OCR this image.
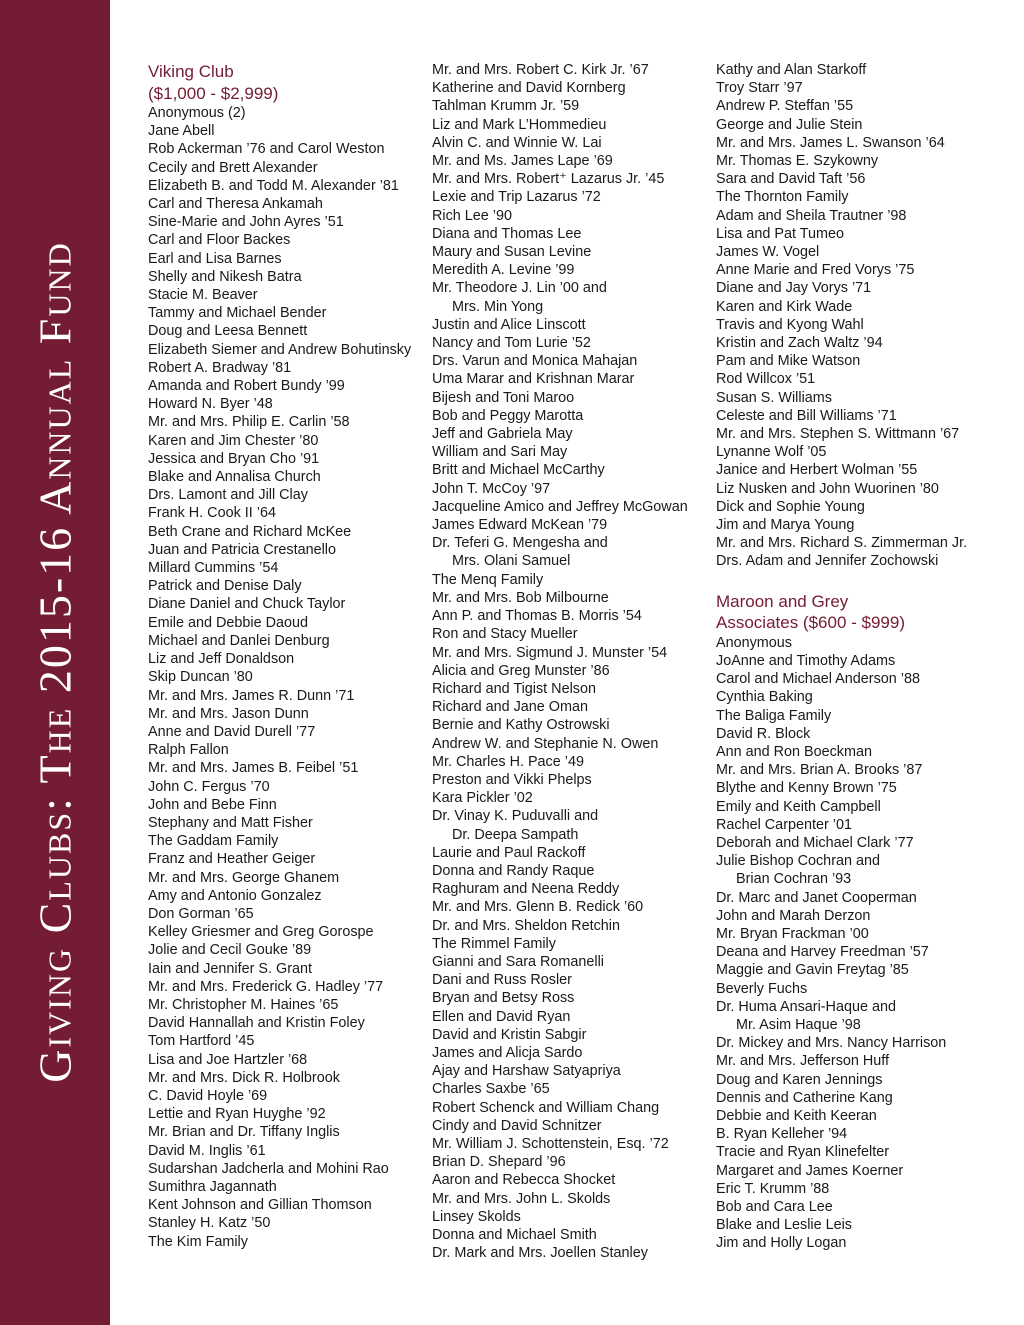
Giving Clubs: The 2015-16 Annual Fund
Viking Club
($1,000 - $2,999)
Anonymous (2)
Jane Abell
Rob Ackerman ’76 and Carol Weston
Cecily and Brett Alexander
Elizabeth B. and Todd M. Alexander ’81
Carl and Theresa Ankamah
Sine-Marie and John Ayres ’51
Carl and Floor Backes
Earl and Lisa Barnes
Shelly and Nikesh Batra
Stacie M. Beaver
Tammy and Michael Bender
Doug and Leesa Bennett
Elizabeth Siemer and Andrew Bohutinsky
Robert A. Bradway ’81
Amanda and Robert Bundy ’99
Howard N. Byer ’48
Mr. and Mrs. Philip E. Carlin ’58
Karen and Jim Chester ’80
Jessica and Bryan Cho ’91
Blake and Annalisa Church
Drs. Lamont and Jill Clay
Frank H. Cook II ’64
Beth Crane and Richard McKee
Juan and Patricia Crestanello
Millard Cummins ’54
Patrick and Denise Daly
Diane Daniel and Chuck Taylor
Emile and Debbie Daoud
Michael and Danlei Denburg
Liz and Jeff Donaldson
Skip Duncan ’80
Mr. and Mrs. James R. Dunn ’71
Mr. and Mrs. Jason Dunn
Anne and David Durell ’77
Ralph Fallon
Mr. and Mrs. James B. Feibel ’51
John C. Fergus ’70
John and Bebe Finn
Stephany and Matt Fisher
The Gaddam Family
Franz and Heather Geiger
Mr. and Mrs. George Ghanem
Amy and Antonio Gonzalez
Don Gorman ’65
Kelley Griesmer and Greg Gorospe
Jolie and Cecil Gouke ’89
Iain and Jennifer S. Grant
Mr. and Mrs. Frederick G. Hadley ’77
Mr. Christopher M. Haines ’65
David Hannallah and Kristin Foley
Tom Hartford ’45
Lisa and Joe Hartzler ’68
Mr. and Mrs. Dick R. Holbrook
C. David Hoyle ’69
Lettie and Ryan Huyghe ’92
Mr. Brian and Dr. Tiffany Inglis
David M. Inglis ’61
Sudarshan Jadcherla and Mohini Rao
Sumithra Jagannath
Kent Johnson and Gillian Thomson
Stanley H. Katz ’50
The Kim Family
Mr. and Mrs. Robert C. Kirk Jr. ’67
Katherine and David Kornberg
Tahlman Krumm Jr. ’59
Liz and Mark L’Hommedieu
Alvin C. and Winnie W. Lai
Mr. and Ms. James Lape ’69
Mr. and Mrs. Robert⁺ Lazarus Jr. ’45
Lexie and Trip Lazarus ’72
Rich Lee ’90
Diana and Thomas Lee
Maury and Susan Levine
Meredith A. Levine ’99
Mr. Theodore J. Lin ’00 and
Mrs. Min Yong
Justin and Alice Linscott
Nancy and Tom Lurie ’52
Drs. Varun and Monica Mahajan
Uma Marar and Krishnan Marar
Bijesh and Toni Maroo
Bob and Peggy Marotta
Jeff and Gabriela May
William and Sari May
Britt and Michael McCarthy
John T. McCoy ’97
Jacqueline Amico and Jeffrey McGowan
James Edward McKean ’79
Dr. Teferi G. Mengesha and
Mrs. Olani Samuel
The Menq Family
Mr. and Mrs. Bob Milbourne
Ann P. and Thomas B. Morris ’54
Ron and Stacy Mueller
Mr. and Mrs. Sigmund J. Munster ’54
Alicia and Greg Munster ’86
Richard and Tigist Nelson
Richard and Jane Oman
Bernie and Kathy Ostrowski
Andrew W. and Stephanie N. Owen
Mr. Charles H. Pace ’49
Preston and Vikki Phelps
Kara Pickler ’02
Dr. Vinay K. Puduvalli and
Dr. Deepa Sampath
Laurie and Paul Rackoff
Donna and Randy Raque
Raghuram and Neena Reddy
Mr. and Mrs. Glenn B. Redick ’60
Dr. and Mrs. Sheldon Retchin
The Rimmel Family
Gianni and Sara Romanelli
Dani and Russ Rosler
Bryan and Betsy Ross
Ellen and David Ryan
David and Kristin Sabgir
James and Alicja Sardo
Ajay and Harshaw Satyapriya
Charles Saxbe ’65
Robert Schenck and William Chang
Cindy and David Schnitzer
Mr. William J. Schottenstein, Esq. ’72
Brian D. Shepard ’96
Aaron and Rebecca Shocket
Mr. and Mrs. John L. Skolds
Linsey Skolds
Donna and Michael Smith
Dr. Mark and Mrs. Joellen Stanley
Kathy and Alan Starkoff
Troy Starr ’97
Andrew P. Steffan ’55
George and Julie Stein
Mr. and Mrs. James L. Swanson ’64
Mr. Thomas E. Szykowny
Sara and David Taft ’56
The Thornton Family
Adam and Sheila Trautner ’98
Lisa and Pat Tumeo
James W. Vogel
Anne Marie and Fred Vorys ’75
Diane and Jay Vorys ’71
Karen and Kirk Wade
Travis and Kyong Wahl
Kristin and Zach Waltz ’94
Pam and Mike Watson
Rod Willcox ’51
Susan S. Williams
Celeste and Bill Williams ’71
Mr. and Mrs. Stephen S. Wittmann ’67
Lynanne Wolf ’05
Janice and Herbert Wolman ’55
Liz Nusken and John Wuorinen ’80
Dick and Sophie Young
Jim and Marya Young
Mr. and Mrs. Richard S. Zimmerman Jr.
Drs. Adam and Jennifer Zochowski
Maroon and Grey
Associates ($600 - $999)
Anonymous
JoAnne and Timothy Adams
Carol and Michael Anderson ’88
Cynthia Baking
The Baliga Family
David R. Block
Ann and Ron Boeckman
Mr. and Mrs. Brian A. Brooks ’87
Blythe and Kenny Brown ’75
Emily and Keith Campbell
Rachel Carpenter ’01
Deborah and Michael Clark ’77
Julie Bishop Cochran and
Brian Cochran ’93
Dr. Marc and Janet Cooperman
John and Marah Derzon
Mr. Bryan Frackman ’00
Deana and Harvey Freedman ’57
Maggie and Gavin Freytag ’85
Beverly Fuchs
Dr. Huma Ansari-Haque and
Mr. Asim Haque ’98
Dr. Mickey and Mrs. Nancy Harrison
Mr. and Mrs. Jefferson Huff
Doug and Karen Jennings
Dennis and Catherine Kang
Debbie and Keith Keeran
B. Ryan Kelleher ’94
Tracie and Ryan Klinefelter
Margaret and James Koerner
Eric T. Krumm ’88
Bob and Cara Lee
Blake and Leslie Leis
Jim and Holly Logan
